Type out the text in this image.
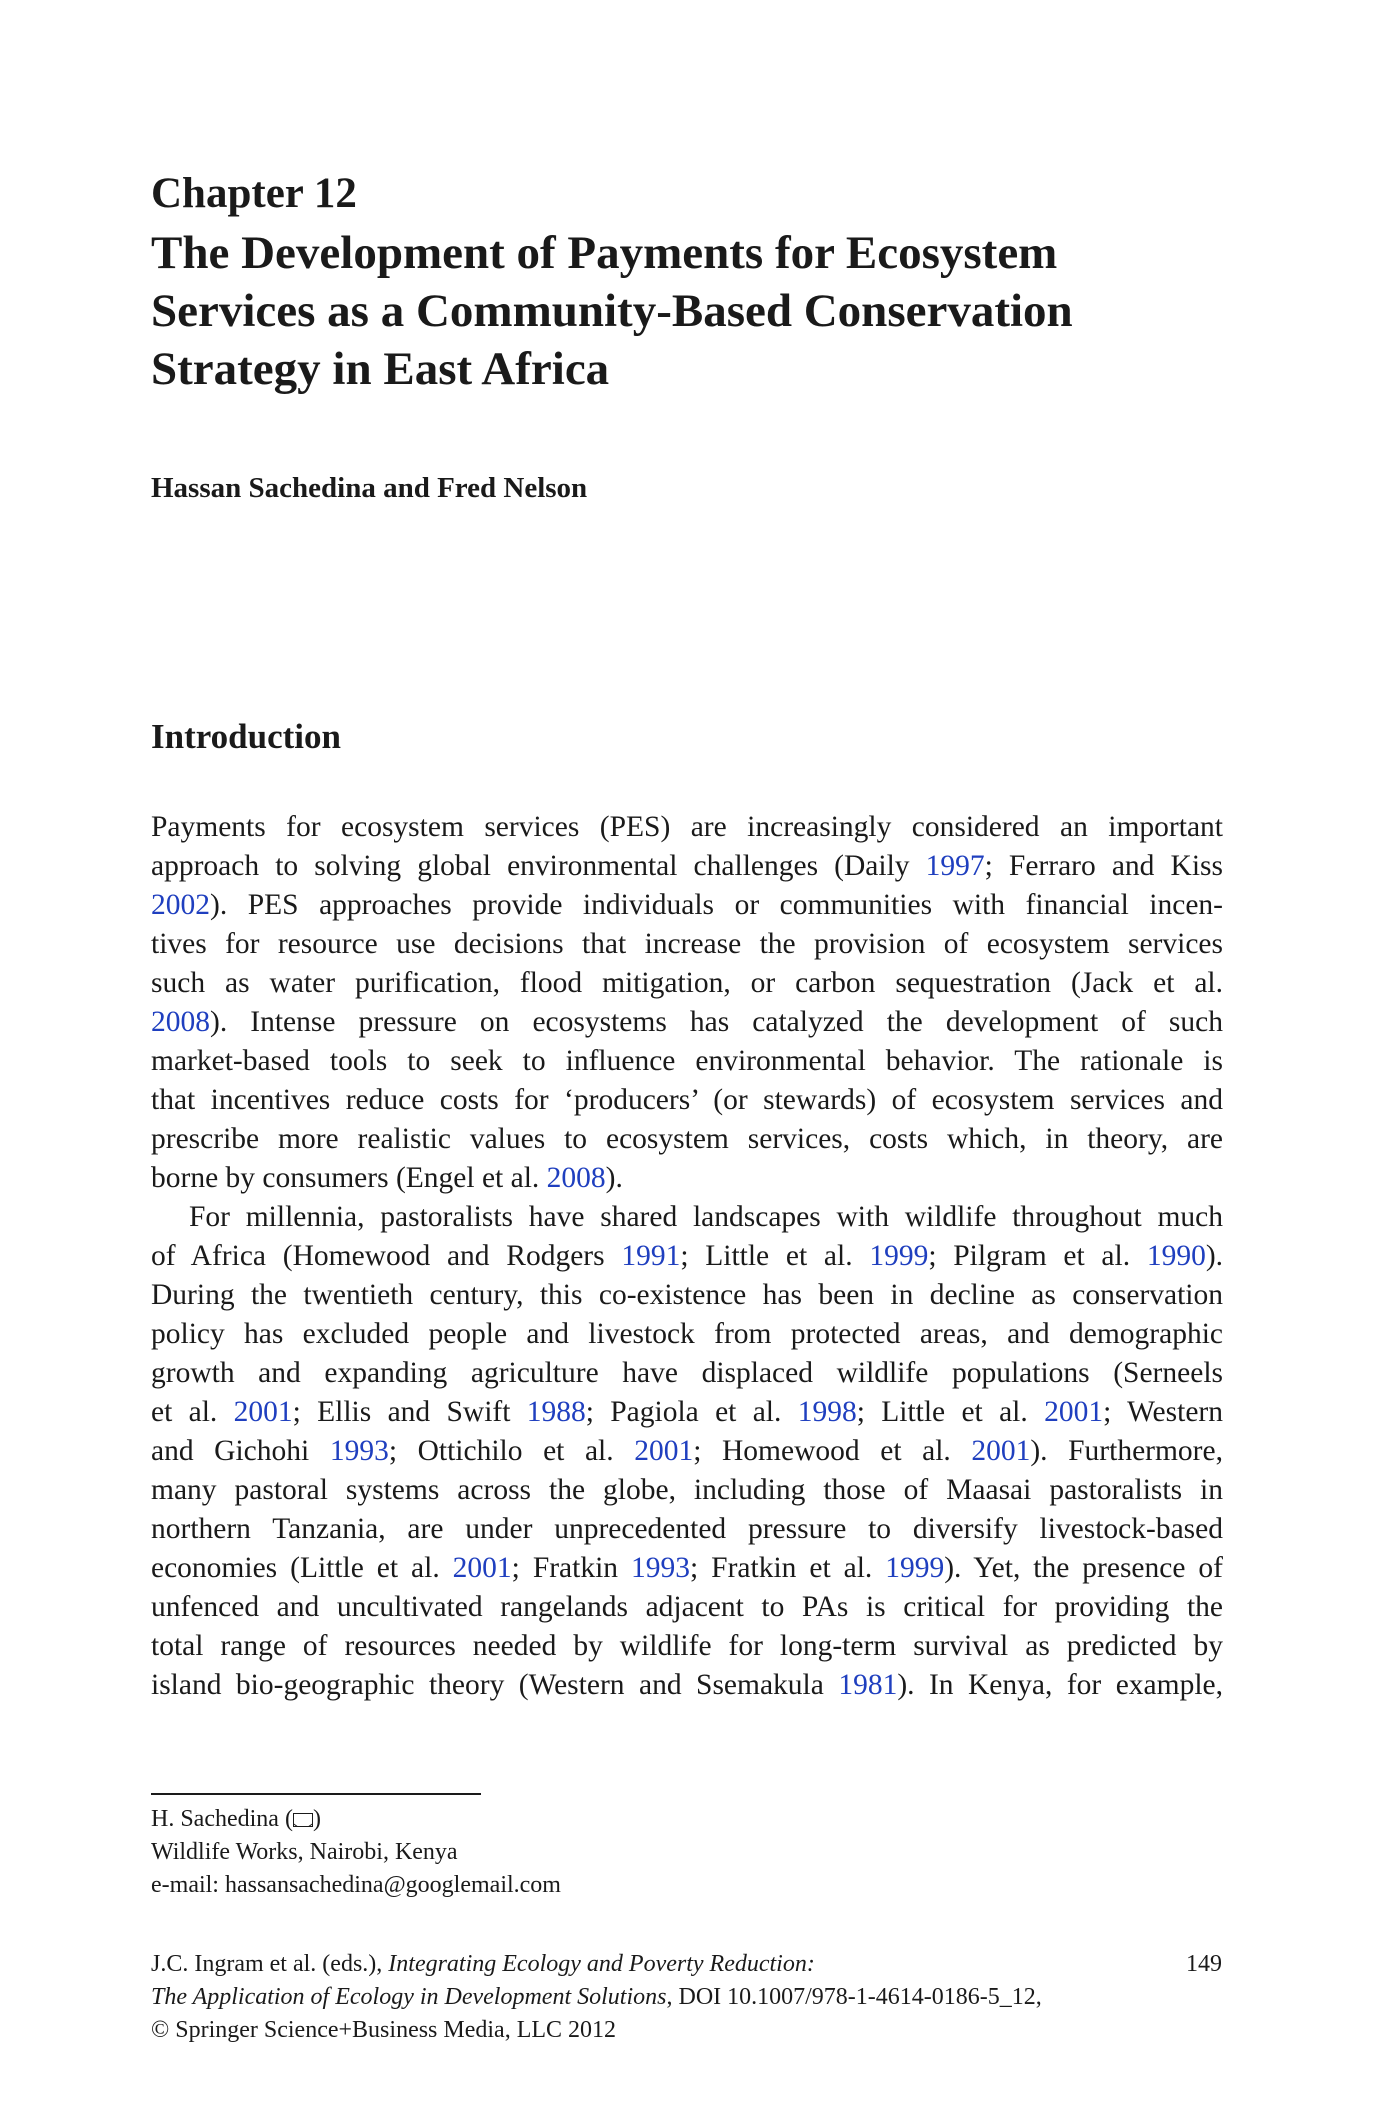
Chapter 12
The Development of Payments for Ecosystem
Services as a Community-Based Conservation
Strategy in East Africa
Hassan Sachedina and Fred Nelson
Introduction
Payments for ecosystem services (PES) are increasingly considered an important
approach to solving global environmental challenges (Daily 1997; Ferraro and Kiss
2002). PES approaches provide individuals or communities with financial incen-
tives for resource use decisions that increase the provision of ecosystem services
such as water purification, flood mitigation, or carbon sequestration (Jack et al.
2008). Intense pressure on ecosystems has catalyzed the development of such
market-based tools to seek to influence environmental behavior. The rationale is
that incentives reduce costs for ‘producers’ (or stewards) of ecosystem services and
prescribe more realistic values to ecosystem services, costs which, in theory, are
borne by consumers (Engel et al. 2008).
For millennia, pastoralists have shared landscapes with wildlife throughout much
of Africa (Homewood and Rodgers 1991; Little et al. 1999; Pilgram et al. 1990).
During the twentieth century, this co-existence has been in decline as conservation
policy has excluded people and livestock from protected areas, and demographic
growth and expanding agriculture have displaced wildlife populations (Serneels
et al. 2001; Ellis and Swift 1988; Pagiola et al. 1998; Little et al. 2001; Western
and Gichohi 1993; Ottichilo et al. 2001; Homewood et al. 2001). Furthermore,
many pastoral systems across the globe, including those of Maasai pastoralists in
northern Tanzania, are under unprecedented pressure to diversify livestock-based
economies (Little et al. 2001; Fratkin 1993; Fratkin et al. 1999). Yet, the presence of
unfenced and uncultivated rangelands adjacent to PAs is critical for providing the
total range of resources needed by wildlife for long-term survival as predicted by
island bio-geographic theory (Western and Ssemakula 1981). In Kenya, for example,
H. Sachedina ( )
Wildlife Works, Nairobi, Kenya
e-mail: hassansachedina@googlemail.com
J.C. Ingram et al. (eds.), Integrating Ecology and Poverty Reduction:
The Application of Ecology in Development Solutions, DOI 10.1007/978-1-4614-0186-5_12,
© Springer Science+Business Media, LLC 2012
149
